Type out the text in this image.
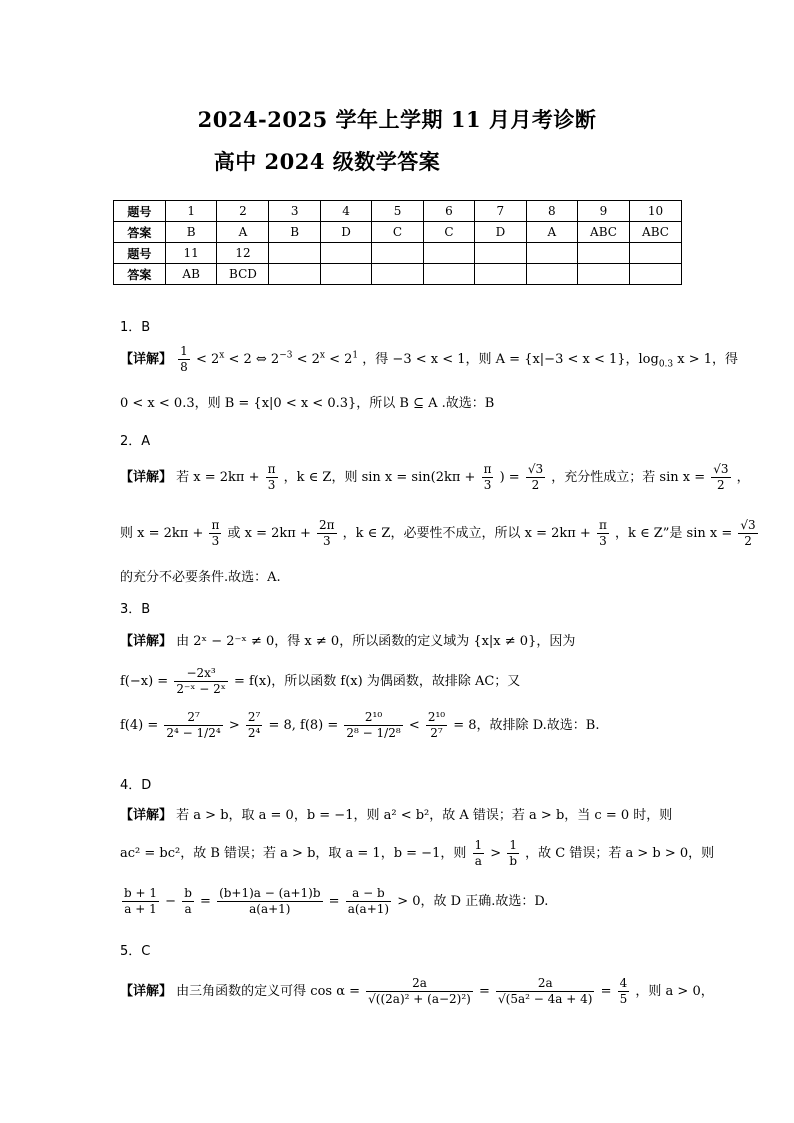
2024-2025 学年上学期 11 月月考诊断
高中 2024 级数学答案
题号	1	2	3	4	5	6	7	8	9	10
答案	B	A	B	D	C	C	D	A	ABC	ABC
题号	11	12								
答案	AB	BCD								
1．B
【详解】 $\frac{1}{8} < 2^x < 2$ ⇔ $2^{-3} < 2^x < 2^1$ ，得 −3 < x < 1，则 A = {x|−3 < x < 1}，$\log_{0.3} x > 1$，得
0 < x < 0.3，则 B = {x|0 < x < 0.3}，所以 B ⊆ A .故选：B
2．A
【详解】 若 $x = 2k\pi + \frac{\pi}{3}$ ，k ∈ Z，则 $\sin x = \sin(2k\pi + \frac{\pi}{3}$ ) = $\frac{√3}{2}$ ，充分性成立；若 $\sin x = \frac{√3}{2}$ ，
则 $x = 2k\pi + \frac{\pi}{3}$ 或 $x = 2k\pi + \frac{2\pi}{3}$ ，k ∈ Z，必要性不成立，所以 $x = 2k\pi + \frac{\pi}{3}$ ，k ∈ Z”是 $\sin x = \frac{√3}{2}$
的充分不必要条件.故选：A.
3．B
【详解】 由 2ˣ − 2⁻ˣ ≠ 0，得 x ≠ 0，所以函数的定义域为 {x|x ≠ 0}，因为
$f(-x) = \frac{\text{−2x³}}{\text{2⁻ˣ − 2ˣ}} = f(x)$，所以函数 f(x) 为偶函数，故排除 AC；又
$f(4) = \frac{\text{2⁷}}{\text{2⁴ − 1/2⁴}} > \frac{\text{2⁷}}{\text{2⁴}} = 8$, $f(8) = \frac{\text{2¹⁰}}{\text{2⁸ − 1/2⁸}} < \frac{\text{2¹⁰}}{\text{2⁷}} = 8$，故排除 D.故选：B.
4．D
【详解】 若 a > b，取 a = 0，b = −1，则 a² < b²，故 A 错误；若 a > b，当 c = 0 时，则
ac² = bc²，故 B 错误；若 a > b，取 a = 1，b = −1，则 $\frac{1}{a} > \frac{1}{b}$ ，故 C 错误；若 a > b > 0，则
$\frac{b + 1}{a + 1} - \frac{b}{a} = \frac{(b+1)a - (a+1)b}{a(a+1)} = \frac{a - b}{a(a+1)} > 0$，故 D 正确.故选：D.
5．C
【详解】 由三角函数的定义可得 $\cos \alpha = \frac{2a}{\text{√((2a)² + (a−2)²)}} = \frac{2a}{\text{√(5a² − 4a + 4)}} = \frac{4}{5}$ ，则 a > 0，
